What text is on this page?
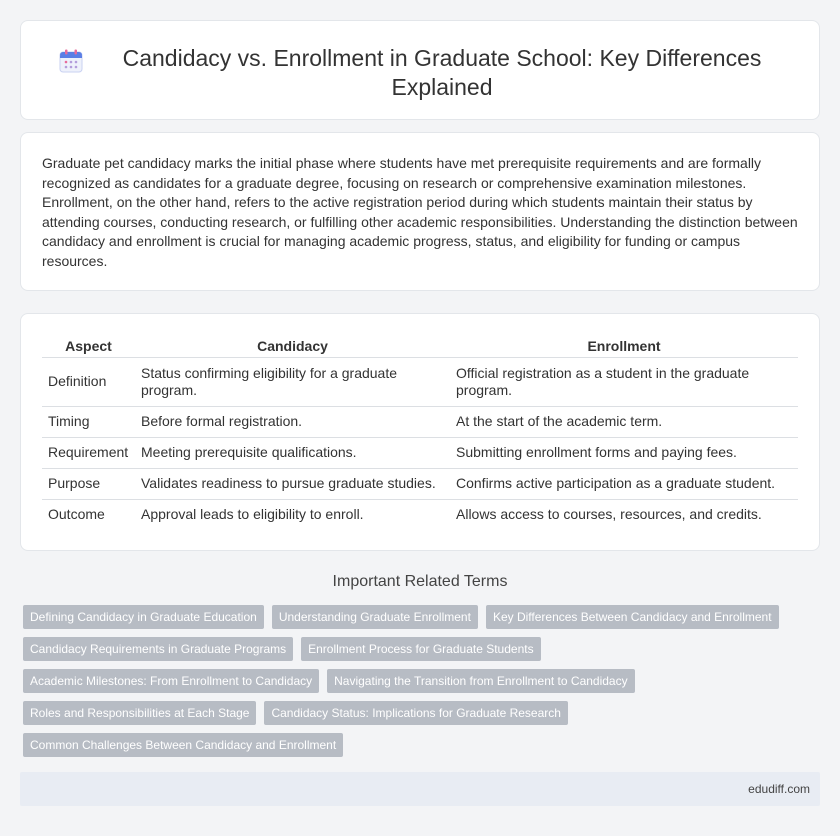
Candidacy vs. Enrollment in Graduate School: Key Differences Explained

Graduate pet candidacy marks the initial phase where students have met prerequisite requirements and are formally recognized as candidates for a graduate degree, focusing on research or comprehensive examination milestones. Enrollment, on the other hand, refers to the active registration period during which students maintain their status by attending courses, conducting research, or fulfilling other academic responsibilities. Understanding the distinction between candidacy and enrollment is crucial for managing academic progress, status, and eligibility for funding or campus resources.

Aspect	Candidacy	Enrollment
Definition	Status confirming eligibility for a graduate program.	Official registration as a student in the graduate program.
Timing	Before formal registration.	At the start of the academic term.
Requirement	Meeting prerequisite qualifications.	Submitting enrollment forms and paying fees.
Purpose	Validates readiness to pursue graduate studies.	Confirms active participation as a graduate student.
Outcome	Approval leads to eligibility to enroll.	Allows access to courses, resources, and credits.
Important Related Terms
Defining Candidacy in Graduate Education	Understanding Graduate Enrollment	Key Differences Between Candidacy and Enrollment
Candidacy Requirements in Graduate Programs	Enrollment Process for Graduate Students
Academic Milestones: From Enrollment to Candidacy	Navigating the Transition from Enrollment to Candidacy
Roles and Responsibilities at Each Stage	Candidacy Status: Implications for Graduate Research
Common Challenges Between Candidacy and Enrollment
edudiff.com
